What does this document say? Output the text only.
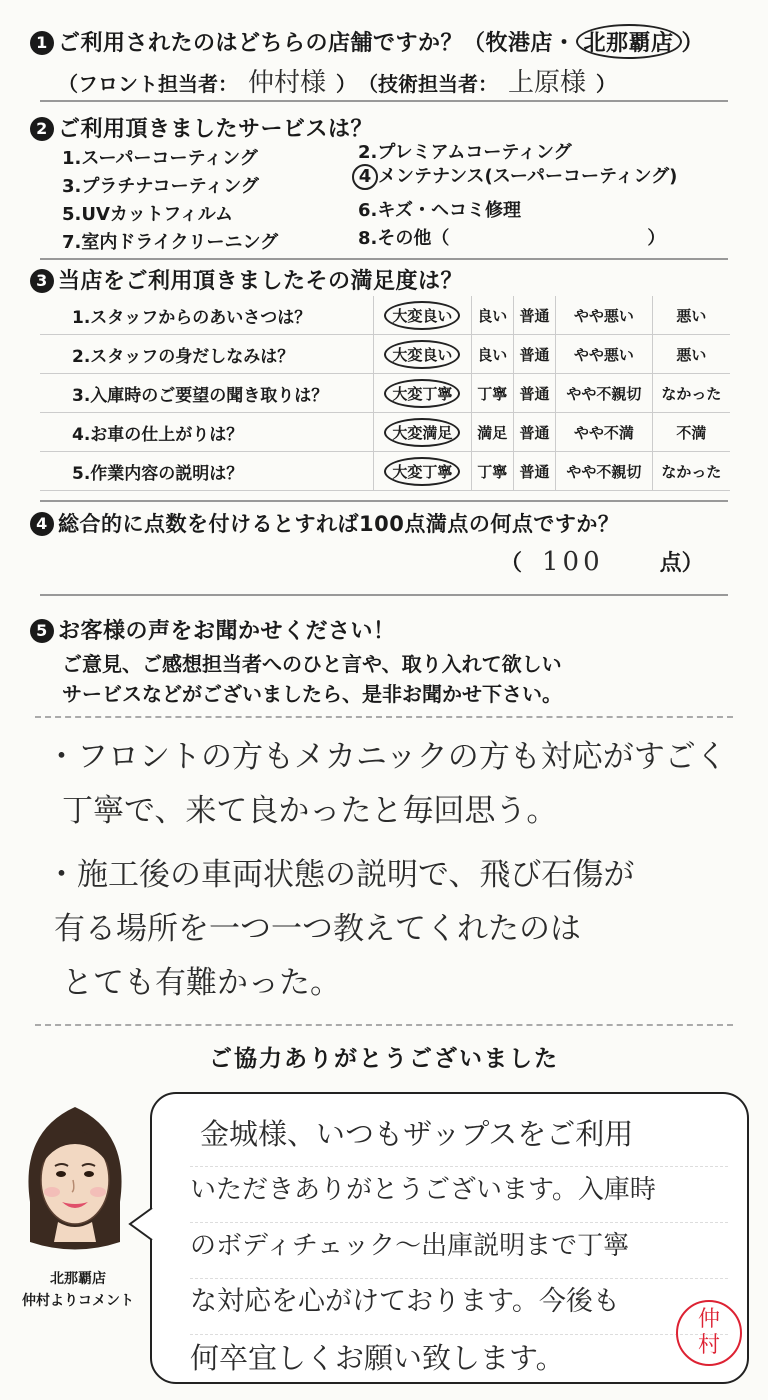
1 ご利用されたのはどちらの店舗ですか？（牧港店・ 北那覇店 ）
（フロント担当者： 仲村様 ） （技術担当者： 上原様 ）
2 ご利用頂きましたサービスは？
1.スーパーコーティング	2.プレミアムコーティング
3.プラチナコーティング	4 メンテナンス(スーパーコーティング)
5.UVカットフィルム	6.キズ・ヘコミ修理
7.室内ドライクリーニング	8.その他（　　　　　　　　　　　）
3 当店をご利用頂きましたその満足度は？
1.スタッフからのあいさつは？	大変良い	良い	普通	やや悪い	悪い
2.スタッフの身だしなみは？	大変良い	良い	普通	やや悪い	悪い
3.入庫時のご要望の聞き取りは？	大変丁寧	丁寧	普通	やや不親切	なかった
4.お車の仕上がりは？	大変満足	満足	普通	やや不満	不満
5.作業内容の説明は？	大変丁寧	丁寧	普通	やや不親切	なかった
4 総合的に点数を付けるとすれば100点満点の何点ですか？
（ 100	点）
5 お客様の声をお聞かせください！
ご意見、ご感想担当者へのひと言や、取り入れて欲しい
サービスなどがございましたら、是非お聞かせ下さい。
・フロントの方もメカニックの方も対応がすごく
丁寧で、来て良かったと毎回思う。
・施工後の車両状態の説明で、飛び石傷が
有る場所を一つ一つ教えてくれたのは
とても有難かった。
ご協力ありがとうございました
北那覇店
仲村よりコメント
金城様、いつもザップスをご利用
いただきありがとうございます。入庫時
のボディチェック～出庫説明まで丁寧
な対応を心がけております。今後も
何卒宜しくお願い致します。
仲
村
